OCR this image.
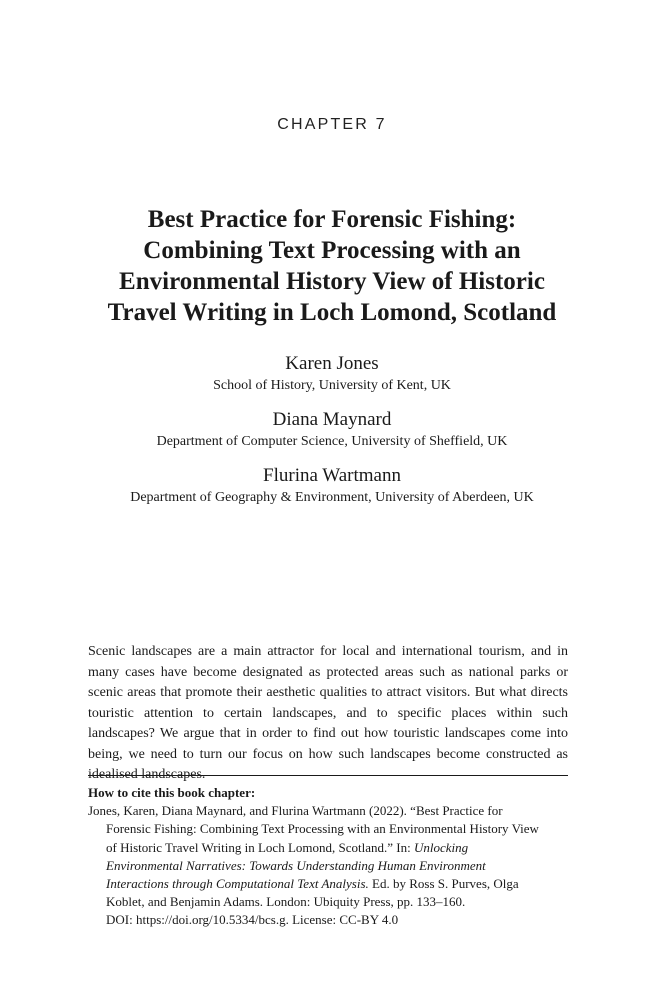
CHAPTER 7
Best Practice for Forensic Fishing:
Combining Text Processing with an
Environmental History View of Historic
Travel Writing in Loch Lomond, Scotland
Karen Jones
School of History, University of Kent, UK
Diana Maynard
Department of Computer Science, University of Sheffield, UK
Flurina Wartmann
Department of Geography & Environment, University of Aberdeen, UK

Scenic landscapes are a main attractor for local and international tourism, and in many cases have become designated as protected areas such as national parks or scenic areas that promote their aesthetic qualities to attract visitors. But what directs touristic attention to certain landscapes, and to specific places within such landscapes? We argue that in order to find out how touristic landscapes come into being, we need to turn our focus on how such landscapes become constructed as idealised landscapes.

How to cite this book chapter:
Jones, Karen, Diana Maynard, and Flurina Wartmann (2022). “Best Practice for
Forensic Fishing: Combining Text Processing with an Environmental History View
of Historic Travel Writing in Loch Lomond, Scotland.” In: Unlocking
Environmental Narratives: Towards Understanding Human Environment
Interactions through Computational Text Analysis. Ed. by Ross S. Purves, Olga
Koblet, and Benjamin Adams. London: Ubiquity Press, pp. 133–160.
DOI: https://doi.org/10.5334/bcs.g. License: CC-BY 4.0
